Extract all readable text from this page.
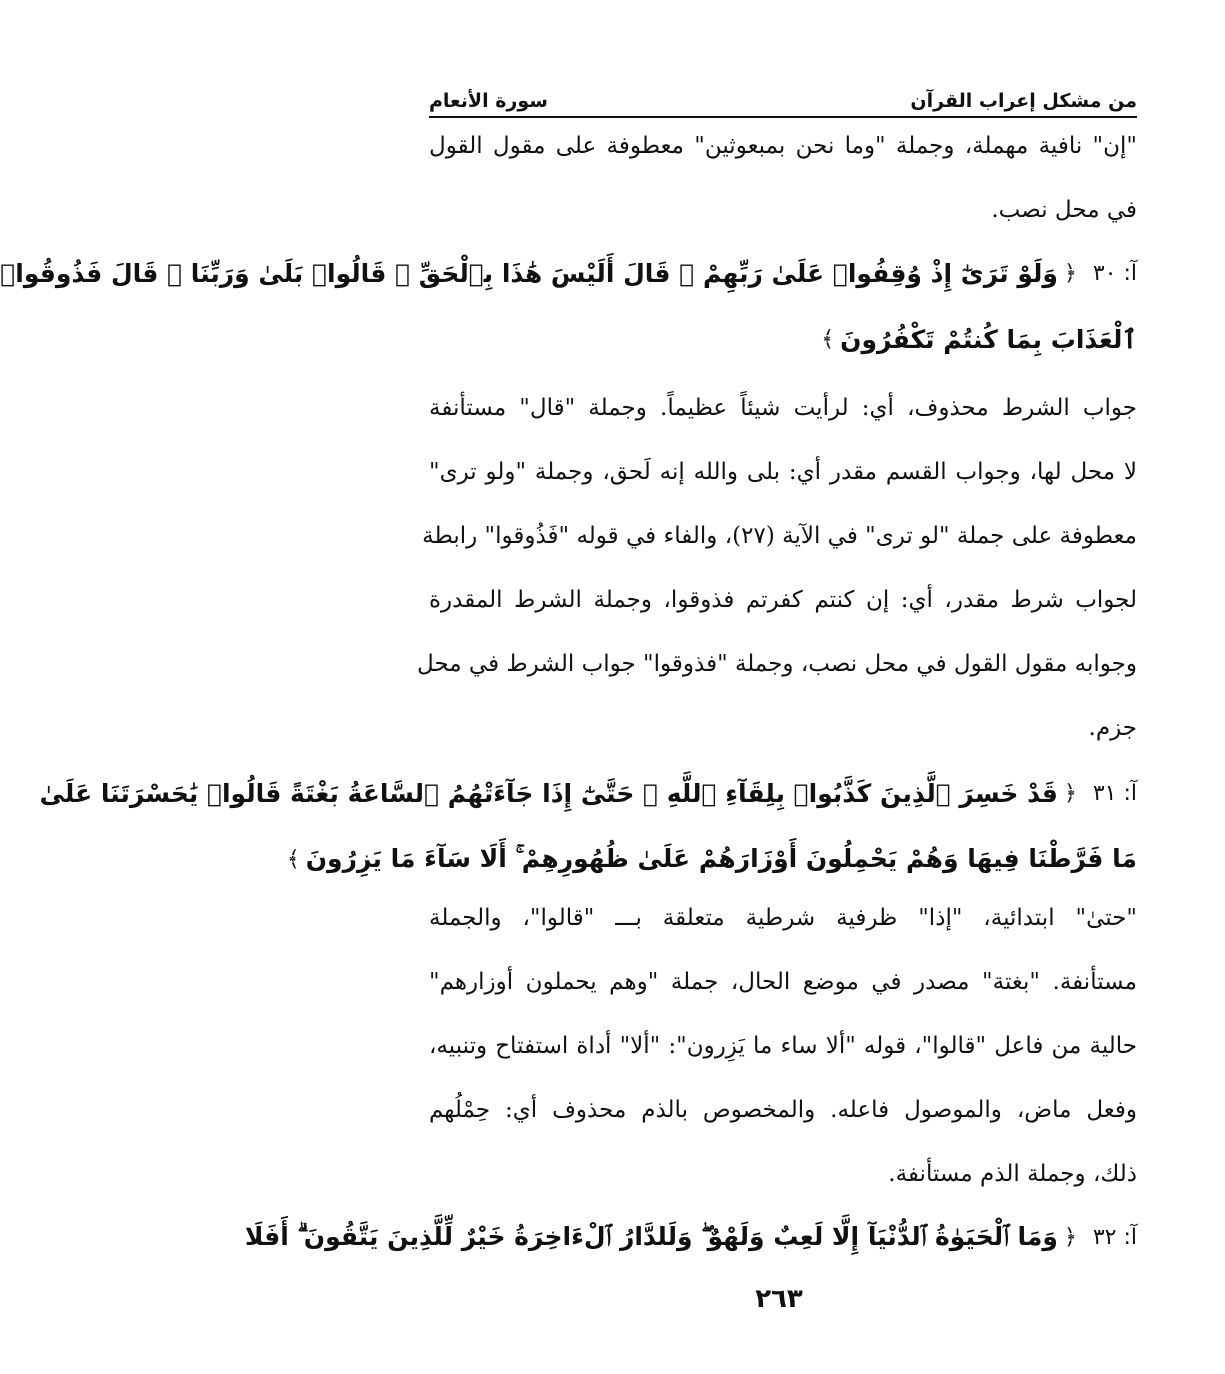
من مشكل إعراب القرآن
سورة الأنعام
"إن" نافية مهملة، وجملة "وما نحن بمبعوثين" معطوفة على مقول القول
في محل نصب.
آ: ٣٠
﴿
وَلَوْ تَرَىٰٓ إِذْ وُقِفُوا۟ عَلَىٰ رَبِّهِمْ ۚ قَالَ أَلَيْسَ هَٰذَا بِٱلْحَقِّ ۚ قَالُوا۟ بَلَىٰ وَرَبِّنَا ۚ قَالَ فَذُوقُوا۟
ٱلْعَذَابَ بِمَا كُنتُمْ تَكْفُرُونَ
﴾
جواب الشرط محذوف، أي: لرأيت شيئاً عظيماً. وجملة "قال" مستأنفة
لا محل لها، وجواب القسم مقدر أي: بلى والله إنه لَحق، وجملة "ولو ترى"
معطوفة على جملة "لو ترى" في الآية (٢٧)، والفاء في قوله "فَذُوقوا" رابطة
لجواب شرط مقدر، أي: إن كنتم كفرتم فذوقوا، وجملة الشرط المقدرة
وجوابه مقول القول في محل نصب، وجملة "فذوقوا" جواب الشرط في محل
جزم.
آ: ٣١
﴿
قَدْ خَسِرَ ٱلَّذِينَ كَذَّبُوا۟ بِلِقَآءِ ٱللَّهِ ۖ حَتَّىٰٓ إِذَا جَآءَتْهُمُ ٱلسَّاعَةُ بَغْتَةً قَالُوا۟ يَٰحَسْرَتَنَا عَلَىٰ
مَا فَرَّطْنَا فِيهَا وَهُمْ يَحْمِلُونَ أَوْزَارَهُمْ عَلَىٰ ظُهُورِهِمْ ۚ أَلَا سَآءَ مَا يَزِرُونَ
﴾
"حتىٰ" ابتدائية، "إذا" ظرفية شرطية متعلقة بـــ "قالوا"، والجملة
مستأنفة. "بغتة" مصدر في موضع الحال، جملة "وهم يحملون أوزارهم"
حالية من فاعل "قالوا"، قوله "ألا ساء ما يَزِرون": "ألا" أداة استفتاح وتنبيه،
وفعل ماض، والموصول فاعله. والمخصوص بالذم محذوف أي: حِمْلُهم
ذلك، وجملة الذم مستأنفة.
آ: ٣٢
﴿
وَمَا ٱلْحَيَوٰةُ ٱلدُّنْيَآ إِلَّا لَعِبٌ وَلَهْوٌ ۖ وَلَلدَّارُ ٱلْءَاخِرَةُ خَيْرٌ لِّلَّذِينَ يَتَّقُونَ ۗ أَفَلَا
٢٦٣
